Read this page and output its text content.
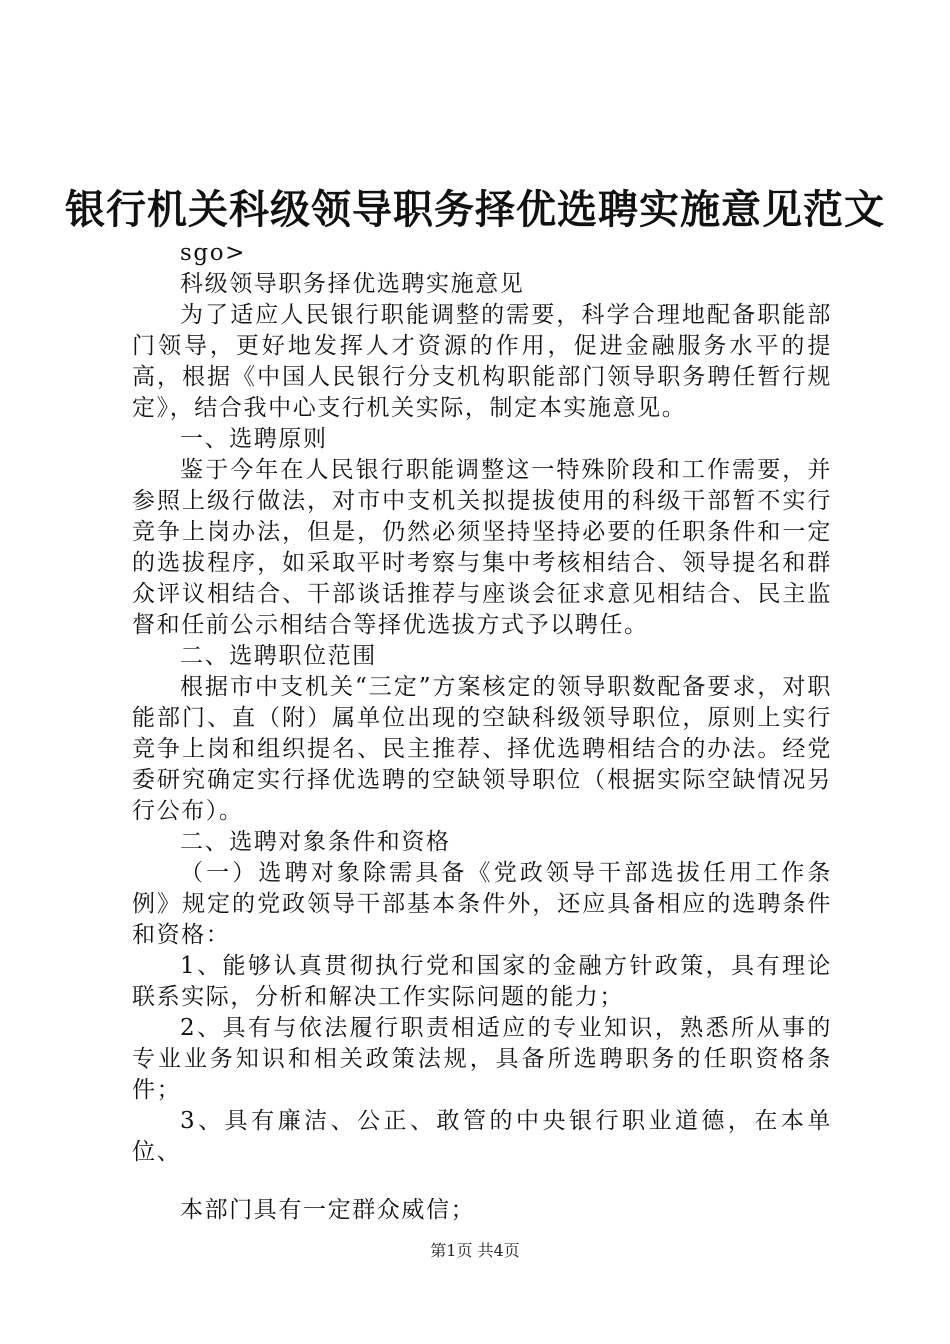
银行机关科级领导职务择优选聘实施意见范文

sgo>

科级领导职务择优选聘实施意见

为了适应人民银行职能调整的需要，科学合理地配备职能部门领导，更好地发挥人才资源的作用，促进金融服务水平的提高，根据《中国人民银行分支机构职能部门领导职务聘任暂行规定》，结合我中心支行机关实际，制定本实施意见。

一、选聘原则

鉴于今年在人民银行职能调整这一特殊阶段和工作需要，并参照上级行做法，对市中支机关拟提拔使用的科级干部暂不实行竞争上岗办法，但是，仍然必须坚持坚持必要的任职条件和一定的选拔程序，如采取平时考察与集中考核相结合、领导提名和群众评议相结合、干部谈话推荐与座谈会征求意见相结合、民主监督和任前公示相结合等择优选拔方式予以聘任。

二、选聘职位范围

根据市中支机关“三定”方案核定的领导职数配备要求，对职能部门、直（附）属单位出现的空缺科级领导职位，原则上实行竞争上岗和组织提名、民主推荐、择优选聘相结合的办法。经党委研究确定实行择优选聘的空缺领导职位（根据实际空缺情况另行公布）。

二、选聘对象条件和资格

（一）选聘对象除需具备《党政领导干部选拔任用工作条例》规定的党政领导干部基本条件外，还应具备相应的选聘条件和资格：

1、能够认真贯彻执行党和国家的金融方针政策，具有理论联系实际，分析和解决工作实际问题的能力；

2、具有与依法履行职责相适应的专业知识，熟悉所从事的专业业务知识和相关政策法规，具备所选聘职务的任职资格条件；

3、具有廉洁、公正、敢管的中央银行职业道德，在本单位、

本部门具有一定群众威信；

第1页 共4页
